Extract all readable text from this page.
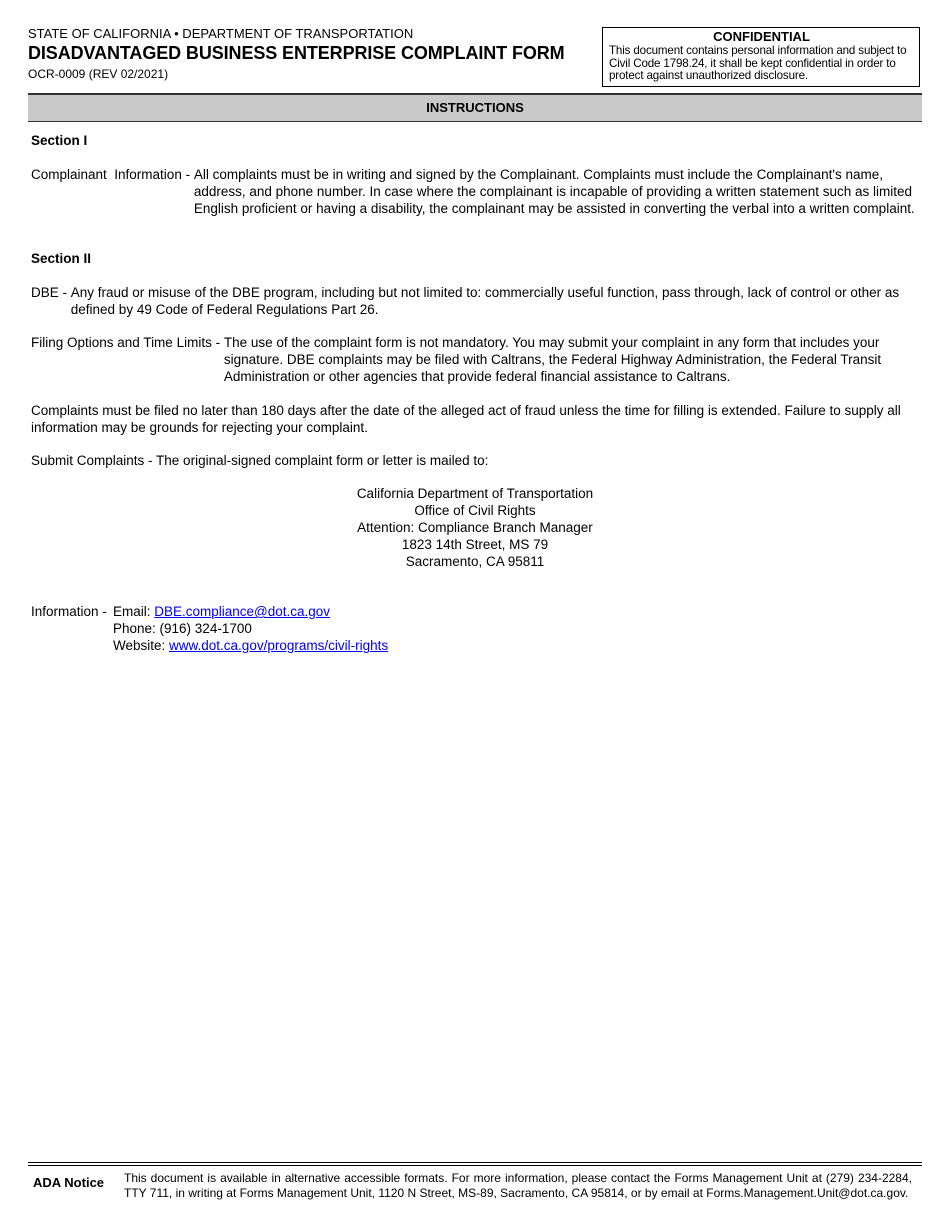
STATE OF CALIFORNIA • DEPARTMENT OF TRANSPORTATION
DISADVANTAGED BUSINESS ENTERPRISE COMPLAINT FORM
OCR-0009 (REV 02/2021)
CONFIDENTIAL
This document contains personal information and subject to Civil Code 1798.24, it shall be kept confidential in order to protect against unauthorized disclosure.
INSTRUCTIONS
Section I
Complainant  Information - All complaints must be in writing and signed by the Complainant. Complaints must include the Complainant's name, address, and phone number. In case where the complainant is incapable of providing a written statement such as limited English proficient or having a disability, the complainant may be assisted in converting the verbal into a written complaint.
Section II
DBE - Any fraud or misuse of the DBE program, including but not limited to: commercially useful function, pass through, lack of control or other as defined by 49 Code of Federal Regulations Part 26.
Filing Options and Time Limits - The use of the complaint form is not mandatory. You may submit your complaint in any form that includes your signature. DBE complaints may be filed with Caltrans, the Federal Highway Administration, the Federal Transit Administration or other agencies that provide federal financial assistance to Caltrans.
Complaints must be filed no later than 180 days after the date of the alleged act of fraud unless the time for filling is extended. Failure to supply all information may be grounds for rejecting your complaint.
Submit Complaints - The original-signed complaint form or letter is mailed to:
California Department of Transportation
Office of Civil Rights
Attention: Compliance Branch Manager
1823 14th Street, MS 79
Sacramento, CA 95811
Information - Email: DBE.compliance@dot.ca.gov
Phone: (916) 324-1700
Website: www.dot.ca.gov/programs/civil-rights
ADA Notice This document is available in alternative accessible formats. For more information, please contact the Forms Management Unit at (279) 234-2284, TTY 711, in writing at Forms Management Unit, 1120 N Street, MS-89, Sacramento, CA 95814, or by email at Forms.Management.Unit@dot.ca.gov.
